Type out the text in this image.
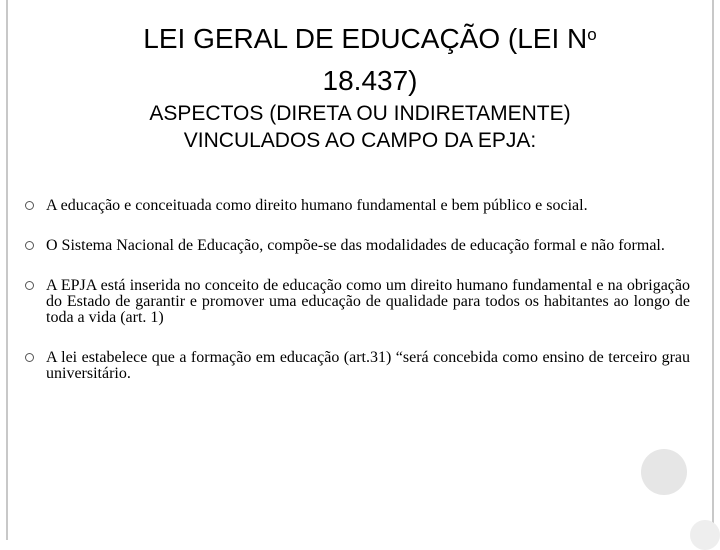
LEI GERAL DE EDUCAÇÃO (LEI $N^o$
18.437)
ASPECTOS (DIRETA OU INDIRETAMENTE)
VINCULADOS AO CAMPO DA EPJA:
A educação e conceituada como direito humano fundamental e bem público e social.
O Sistema Nacional de Educação, compõe-se das modalidades de educação formal e não formal.
A EPJA está inserida no conceito de educação como um direito humano fundamental e na obrigação do Estado de garantir e promover uma educação de qualidade para todos os habitantes ao longo de toda a vida (art. 1)
A lei estabelece que a formação em educação (art.31) “será concebida como ensino de terceiro grau universitário.
